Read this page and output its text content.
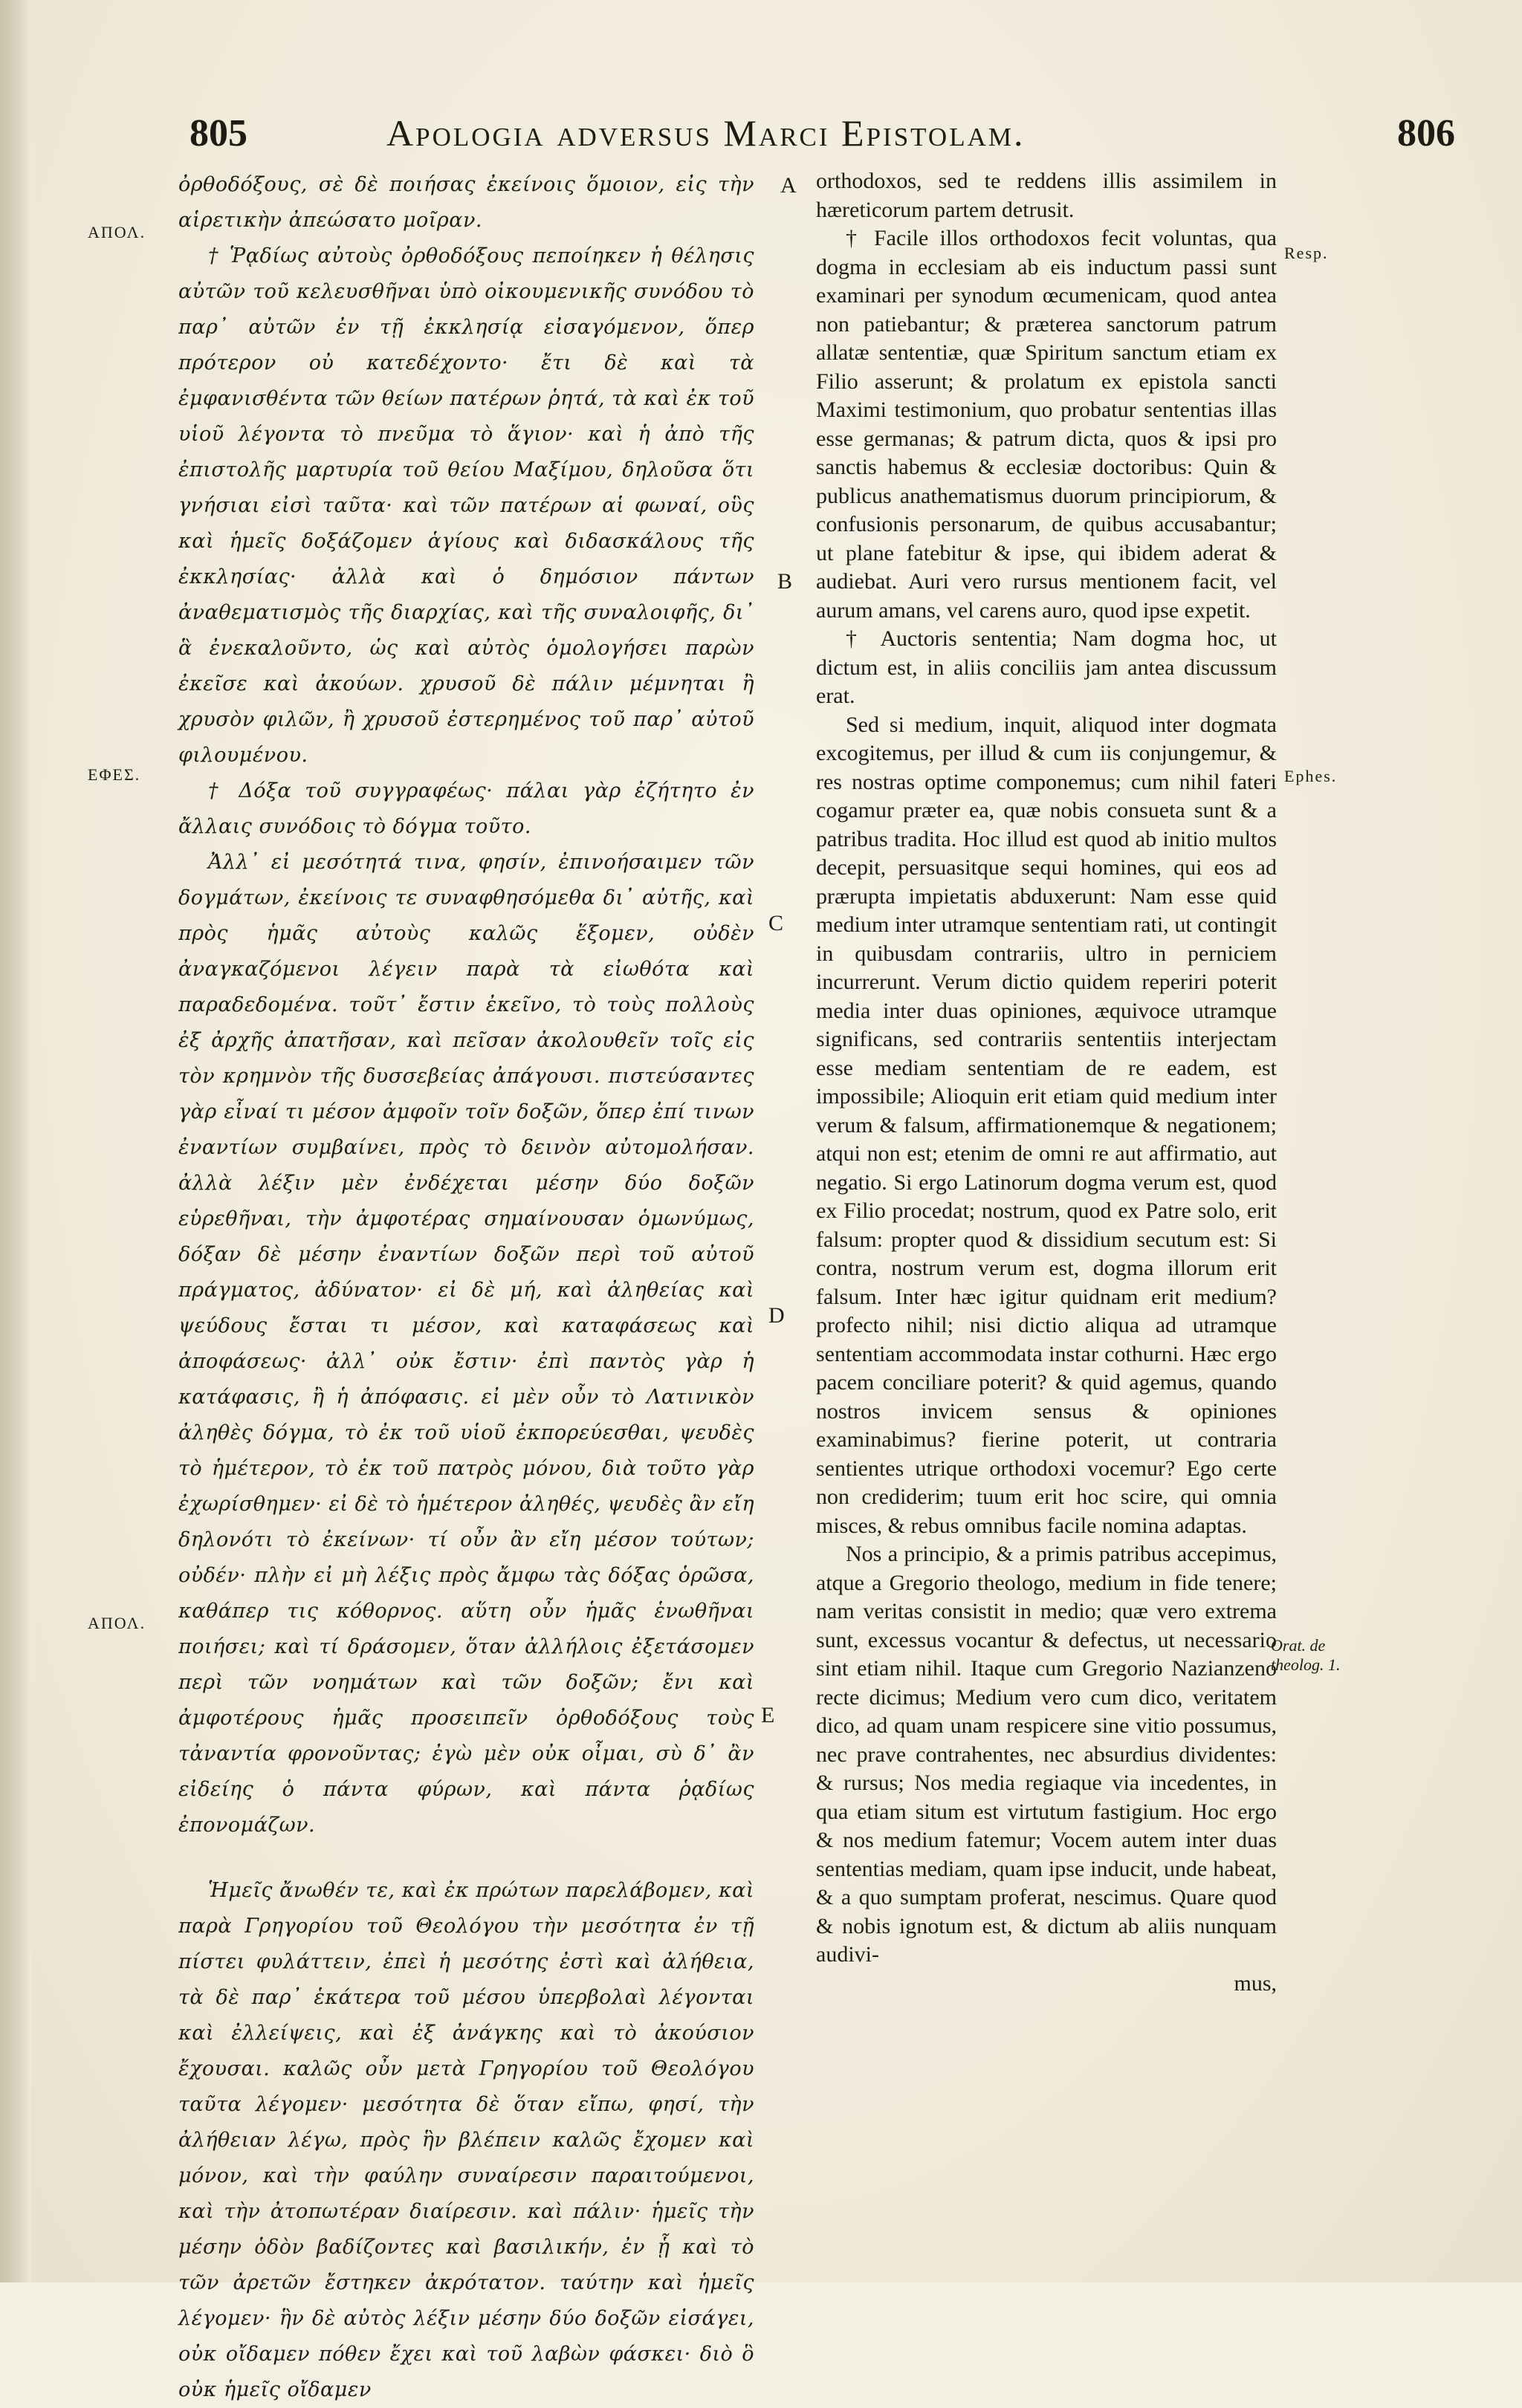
805	Apologia adversus Marci Epistolam.	806

ὀρθοδόξους, σὲ δὲ ποιήσας ἐκείνοις ὅμοιον, εἰς τὴν αἱρετικὴν ἀπεώσατο μοῖραν.

† Ῥᾳδίως αὐτοὺς ὀρθοδόξους πεποίηκεν ἡ θέλησις αὐτῶν τοῦ κελευσθῆναι ὑπὸ οἰκουμενικῆς συνόδου τὸ παρ᾽ αὐτῶν ἐν τῇ ἐκκλησίᾳ εἰσαγόμενον, ὅπερ πρότερον οὐ κατεδέχοντο· ἔτι δὲ καὶ τὰ ἐμφανισθέντα τῶν θείων πατέρων ῥητά, τὰ καὶ ἐκ τοῦ υἱοῦ λέγοντα τὸ πνεῦμα τὸ ἅγιον· καὶ ἡ ἀπὸ τῆς ἐπιστολῆς μαρτυρία τοῦ θείου Μαξίμου, δηλοῦσα ὅτι γνήσιαι εἰσὶ ταῦτα· καὶ τῶν πατέρων αἱ φωναί, οὓς καὶ ἡμεῖς δοξάζομεν ἁγίους καὶ διδασκάλους τῆς ἐκκλησίας· ἀλλὰ καὶ ὁ δημόσιον πάντων ἀναθεματισμὸς τῆς διαρχίας, καὶ τῆς συναλοιφῆς, δι᾽ ἃ ἐνεκαλοῦντο, ὡς καὶ αὐτὸς ὁμολογήσει παρὼν ἐκεῖσε καὶ ἀκούων. χρυσοῦ δὲ πάλιν μέμνηται ἢ χρυσὸν φιλῶν, ἢ χρυσοῦ ἐστερημένος τοῦ παρ᾽ αὐτοῦ φιλουμένου.

† Δόξα τοῦ συγγραφέως· πάλαι γὰρ ἐζήτητο ἐν ἄλλαις συνόδοις τὸ δόγμα τοῦτο.

Ἀλλ᾽ εἰ μεσότητά τινα, φησίν, ἐπινοήσαιμεν τῶν δογμάτων, ἐκείνοις τε συναφθησόμεθα δι᾽ αὐτῆς, καὶ πρὸς ἡμᾶς αὐτοὺς καλῶς ἕξομεν, οὐδὲν ἀναγκαζόμενοι λέγειν παρὰ τὰ εἰωθότα καὶ παραδεδομένα. τοῦτ᾽ ἔστιν ἐκεῖνο, τὸ τοὺς πολλοὺς ἐξ ἀρχῆς ἀπατῆσαν, καὶ πεῖσαν ἀκολουθεῖν τοῖς εἰς τὸν κρημνὸν τῆς δυσσεβείας ἀπάγουσι. πιστεύσαντες γὰρ εἶναί τι μέσον ἀμφοῖν τοῖν δοξῶν, ὅπερ ἐπί τινων ἐναντίων συμβαίνει, πρὸς τὸ δεινὸν αὐτομολήσαν. ἀλλὰ λέξιν μὲν ἐνδέχεται μέσην δύο δοξῶν εὑρεθῆναι, τὴν ἀμφοτέρας σημαίνουσαν ὁμωνύμως, δόξαν δὲ μέσην ἐναντίων δοξῶν περὶ τοῦ αὐτοῦ πράγματος, ἀδύνατον· εἰ δὲ μή, καὶ ἀληθείας καὶ ψεύδους ἔσται τι μέσον, καὶ καταφάσεως καὶ ἀποφάσεως· ἀλλ᾽ οὐκ ἔστιν· ἐπὶ παντὸς γὰρ ἡ κατάφασις, ἢ ἡ ἀπόφασις. εἰ μὲν οὖν τὸ Λατινικὸν ἀληθὲς δόγμα, τὸ ἐκ τοῦ υἱοῦ ἐκπορεύεσθαι, ψευδὲς τὸ ἡμέτερον, τὸ ἐκ τοῦ πατρὸς μόνου, διὰ τοῦτο γὰρ ἐχωρίσθημεν· εἰ δὲ τὸ ἡμέτερον ἀληθές, ψευδὲς ἂν εἴη δηλονότι τὸ ἐκείνων· τί οὖν ἂν εἴη μέσον τούτων; οὐδέν· πλὴν εἰ μὴ λέξις πρὸς ἄμφω τὰς δόξας ὁρῶσα, καθάπερ τις κόθορνος. αὕτη οὖν ἡμᾶς ἑνωθῆναι ποιήσει; καὶ τί δράσομεν, ὅταν ἀλλήλοις ἐξετάσομεν περὶ τῶν νοημάτων καὶ τῶν δοξῶν; ἔνι καὶ ἀμφοτέρους ἡμᾶς προσειπεῖν ὀρθοδόξους τοὺς τἀναντία φρονοῦντας; ἐγὼ μὲν οὐκ οἶμαι, σὺ δ᾽ ἂν εἰδείης ὁ πάντα φύρων, καὶ πάντα ῥᾳδίως ἐπονομάζων.

Ἡμεῖς ἄνωθέν τε, καὶ ἐκ πρώτων παρελάβομεν, καὶ παρὰ Γρηγορίου τοῦ Θεολόγου τὴν μεσότητα ἐν τῇ πίστει φυλάττειν, ἐπεὶ ἡ μεσότης ἐστὶ καὶ ἀλήθεια, τὰ δὲ παρ᾽ ἑκάτερα τοῦ μέσου ὑπερβολαὶ λέγονται καὶ ἐλλείψεις, καὶ ἐξ ἀνάγκης καὶ τὸ ἀκούσιον ἔχουσαι. καλῶς οὖν μετὰ Γρηγορίου τοῦ Θεολόγου ταῦτα λέγομεν· μεσότητα δὲ ὅταν εἴπω, φησί, τὴν ἀλήθειαν λέγω, πρὸς ἣν βλέπειν καλῶς ἔχομεν καὶ μόνον, καὶ τὴν φαύλην συναίρεσιν παραιτούμενοι, καὶ τὴν ἀτοπωτέραν διαίρεσιν. καὶ πάλιν· ἡμεῖς τὴν μέσην ὁδὸν βαδίζοντες καὶ βασιλικήν, ἐν ᾗ καὶ τὸ τῶν ἀρετῶν ἔστηκεν ἀκρότατον. ταύτην καὶ ἡμεῖς λέγομεν· ἣν δὲ αὐτὸς λέξιν μέσην δύο δοξῶν εἰσάγει, οὐκ οἴδαμεν πόθεν ἔχει καὶ τοῦ λαβὼν φάσκει· διὸ ὃ οὐκ ἡμεῖς οἴδαμεν

orthodoxos, sed te reddens illis assimilem in hæreticorum partem detrusit.

† Facile illos orthodoxos fecit voluntas, qua dogma in ecclesiam ab eis inductum passi sunt examinari per synodum œcumenicam, quod antea non patiebantur; & præterea sanctorum patrum allatæ sententiæ, quæ Spiritum sanctum etiam ex Filio asserunt; & prolatum ex epistola sancti Maximi testimonium, quo probatur sententias illas esse germanas; & patrum dicta, quos & ipsi pro sanctis habemus & ecclesiæ doctoribus: Quin & publicus anathematismus duorum principiorum, & confusionis personarum, de quibus accusabantur; ut plane fatebitur & ipse, qui ibidem aderat & audiebat. Auri vero rursus mentionem facit, vel aurum amans, vel carens auro, quod ipse expetit.

† Auctoris sententia; Nam dogma hoc, ut dictum est, in aliis conciliis jam antea discussum erat.

Sed si medium, inquit, aliquod inter dogmata excogitemus, per illud & cum iis conjungemur, & res nostras optime componemus; cum nihil fateri cogamur præter ea, quæ nobis consueta sunt & a patribus tradita. Hoc illud est quod ab initio multos decepit, persuasitque sequi homines, qui eos ad prærupta impietatis abduxerunt: Nam esse quid medium inter utramque sententiam rati, ut contingit in quibusdam contrariis, ultro in perniciem incurrerunt. Verum dictio quidem reperiri poterit media inter duas opiniones, æquivoce utramque significans, sed contrariis sententiis interjectam esse mediam sententiam de re eadem, est impossibile; Alioquin erit etiam quid medium inter verum & falsum, affirmationemque & negationem; atqui non est; etenim de omni re aut affirmatio, aut negatio. Si ergo Latinorum dogma verum est, quod ex Filio procedat; nostrum, quod ex Patre solo, erit falsum: propter quod & dissidium secutum est: Si contra, nostrum verum est, dogma illorum erit falsum. Inter hæc igitur quidnam erit medium? profecto nihil; nisi dictio aliqua ad utramque sententiam accommodata instar cothurni. Hæc ergo pacem conciliare poterit? & quid agemus, quando nostros invicem sensus & opiniones examinabimus? fierine poterit, ut contraria sentientes utrique orthodoxi vocemur? Ego certe non crediderim; tuum erit hoc scire, qui omnia misces, & rebus omnibus facile nomina adaptas.

Nos a principio, & a primis patribus accepimus, atque a Gregorio theologo, medium in fide tenere; nam veritas consistit in medio; quæ vero extrema sunt, excessus vocantur & defectus, ut necessario sint etiam nihil. Itaque cum Gregorio Nazianzeno recte dicimus; Medium vero cum dico, veritatem dico, ad quam unam respicere sine vitio possumus, nec prave contrahentes, nec absurdius dividentes: & rursus; Nos media regiaque via incedentes, in qua etiam situm est virtutum fastigium. Hoc ergo & nos medium fatemur; Vocem autem inter duas sententias mediam, quam ipse inducit, unde habeat, & a quo sumptam proferat, nescimus. Quare quod & nobis ignotum est, & dictum ab aliis nunquam audivi-

mus,

ΑΠΟΛ.
ΕΦΕΣ.
ΑΠΟΛ.
Resp.
Ephes.
Orat. de
theolog. 1.
A
B
C
D
E
